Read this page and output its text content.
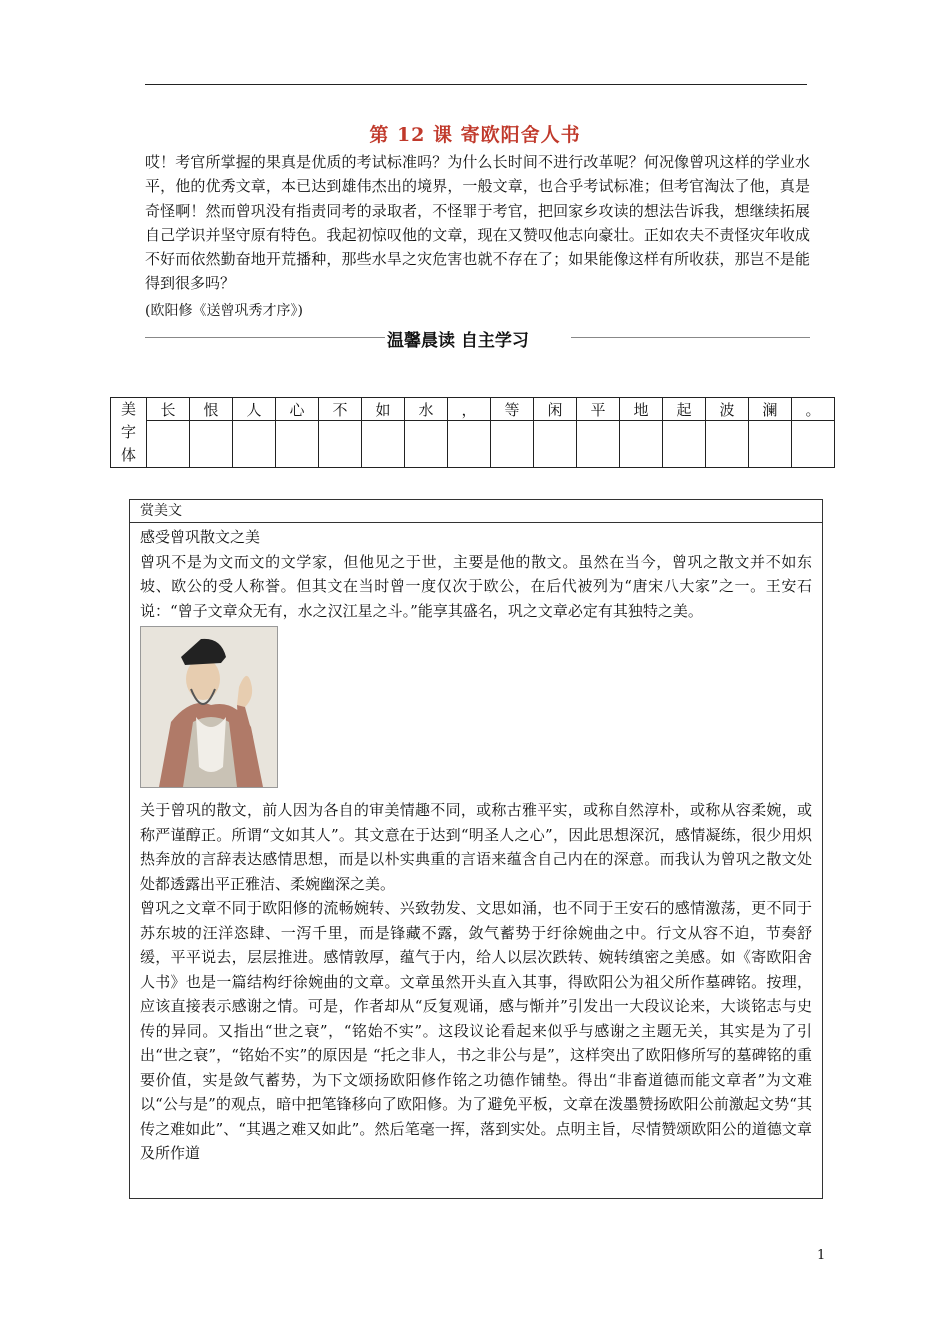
第 12 课 寄欧阳舍人书

哎！考官所掌握的果真是优质的考试标准吗？为什么长时间不进行改革呢？何况像曾巩这样的学业水平，他的优秀文章，本已达到雄伟杰出的境界，一般文章，也合乎考试标准；但考官淘汰了他，真是奇怪啊！然而曾巩没有指责同考的录取者，不怪罪于考官，把回家乡攻读的想法告诉我，想继续拓展自己学识并坚守原有特色。我起初惊叹他的文章，现在又赞叹他志向豪壮。正如农夫不责怪灾年收成不好而依然勤奋地开荒播种，那些水旱之灾危害也就不存在了；如果能像这样有所收获，那岂不是能得到很多吗？

(欧阳修《送曾巩秀才序》)
温馨晨读 自主学习
美字体	长	恨	人	心	不	如	水	，	等	闲	平	地	起	波	澜	。

赏美文

感受曾巩散文之美

曾巩不是为文而文的文学家，但他见之于世，主要是他的散文。虽然在当今，曾巩之散文并不如东坡、欧公的受人称誉。但其文在当时曾一度仅次于欧公，在后代被列为“唐宋八大家”之一。王安石说：“曾子文章众无有，水之汉江星之斗。”能享其盛名，巩之文章必定有其独特之美。

关于曾巩的散文，前人因为各自的审美情趣不同，或称古雅平实，或称自然淳朴，或称从容柔婉，或称严谨醇正。所谓“文如其人”。其文意在于达到“明圣人之心”，因此思想深沉，感情凝练，很少用炽热奔放的言辞表达感情思想，而是以朴实典重的言语来蕴含自己内在的深意。而我认为曾巩之散文处处都透露出平正雅洁、柔婉幽深之美。

曾巩之文章不同于欧阳修的流畅婉转、兴致勃发、文思如涌，也不同于王安石的感情激荡，更不同于苏东坡的汪洋恣肆、一泻千里，而是锋藏不露，敛气蓄势于纡徐婉曲之中。行文从容不迫，节奏舒缓，平平说去，层层推进。感情敦厚，蕴气于内，给人以层次跌转、婉转缜密之美感。如《寄欧阳舍人书》也是一篇结构纡徐婉曲的文章。文章虽然开头直入其事，得欧阳公为祖父所作墓碑铭。按理，应该直接表示感谢之情。可是，作者却从“反复观诵，感与惭并”引发出一大段议论来，大谈铭志与史传的异同。又指出“世之衰”，“铭始不实”。这段议论看起来似乎与感谢之主题无关，其实是为了引出“世之衰”，“铭始不实”的原因是 “托之非人，书之非公与是”，这样突出了欧阳修所写的墓碑铭的重要价值，实是敛气蓄势，为下文颂扬欧阳修作铭之功德作铺垫。得出“非畜道德而能文章者”为文难以“公与是”的观点，暗中把笔锋移向了欧阳修。为了避免平板，文章在泼墨赞扬欧阳公前激起文势“其传之难如此”、“其遇之难又如此”。然后笔毫一挥，落到实处。点明主旨，尽情赞颂欧阳公的道德文章及所作道

1
